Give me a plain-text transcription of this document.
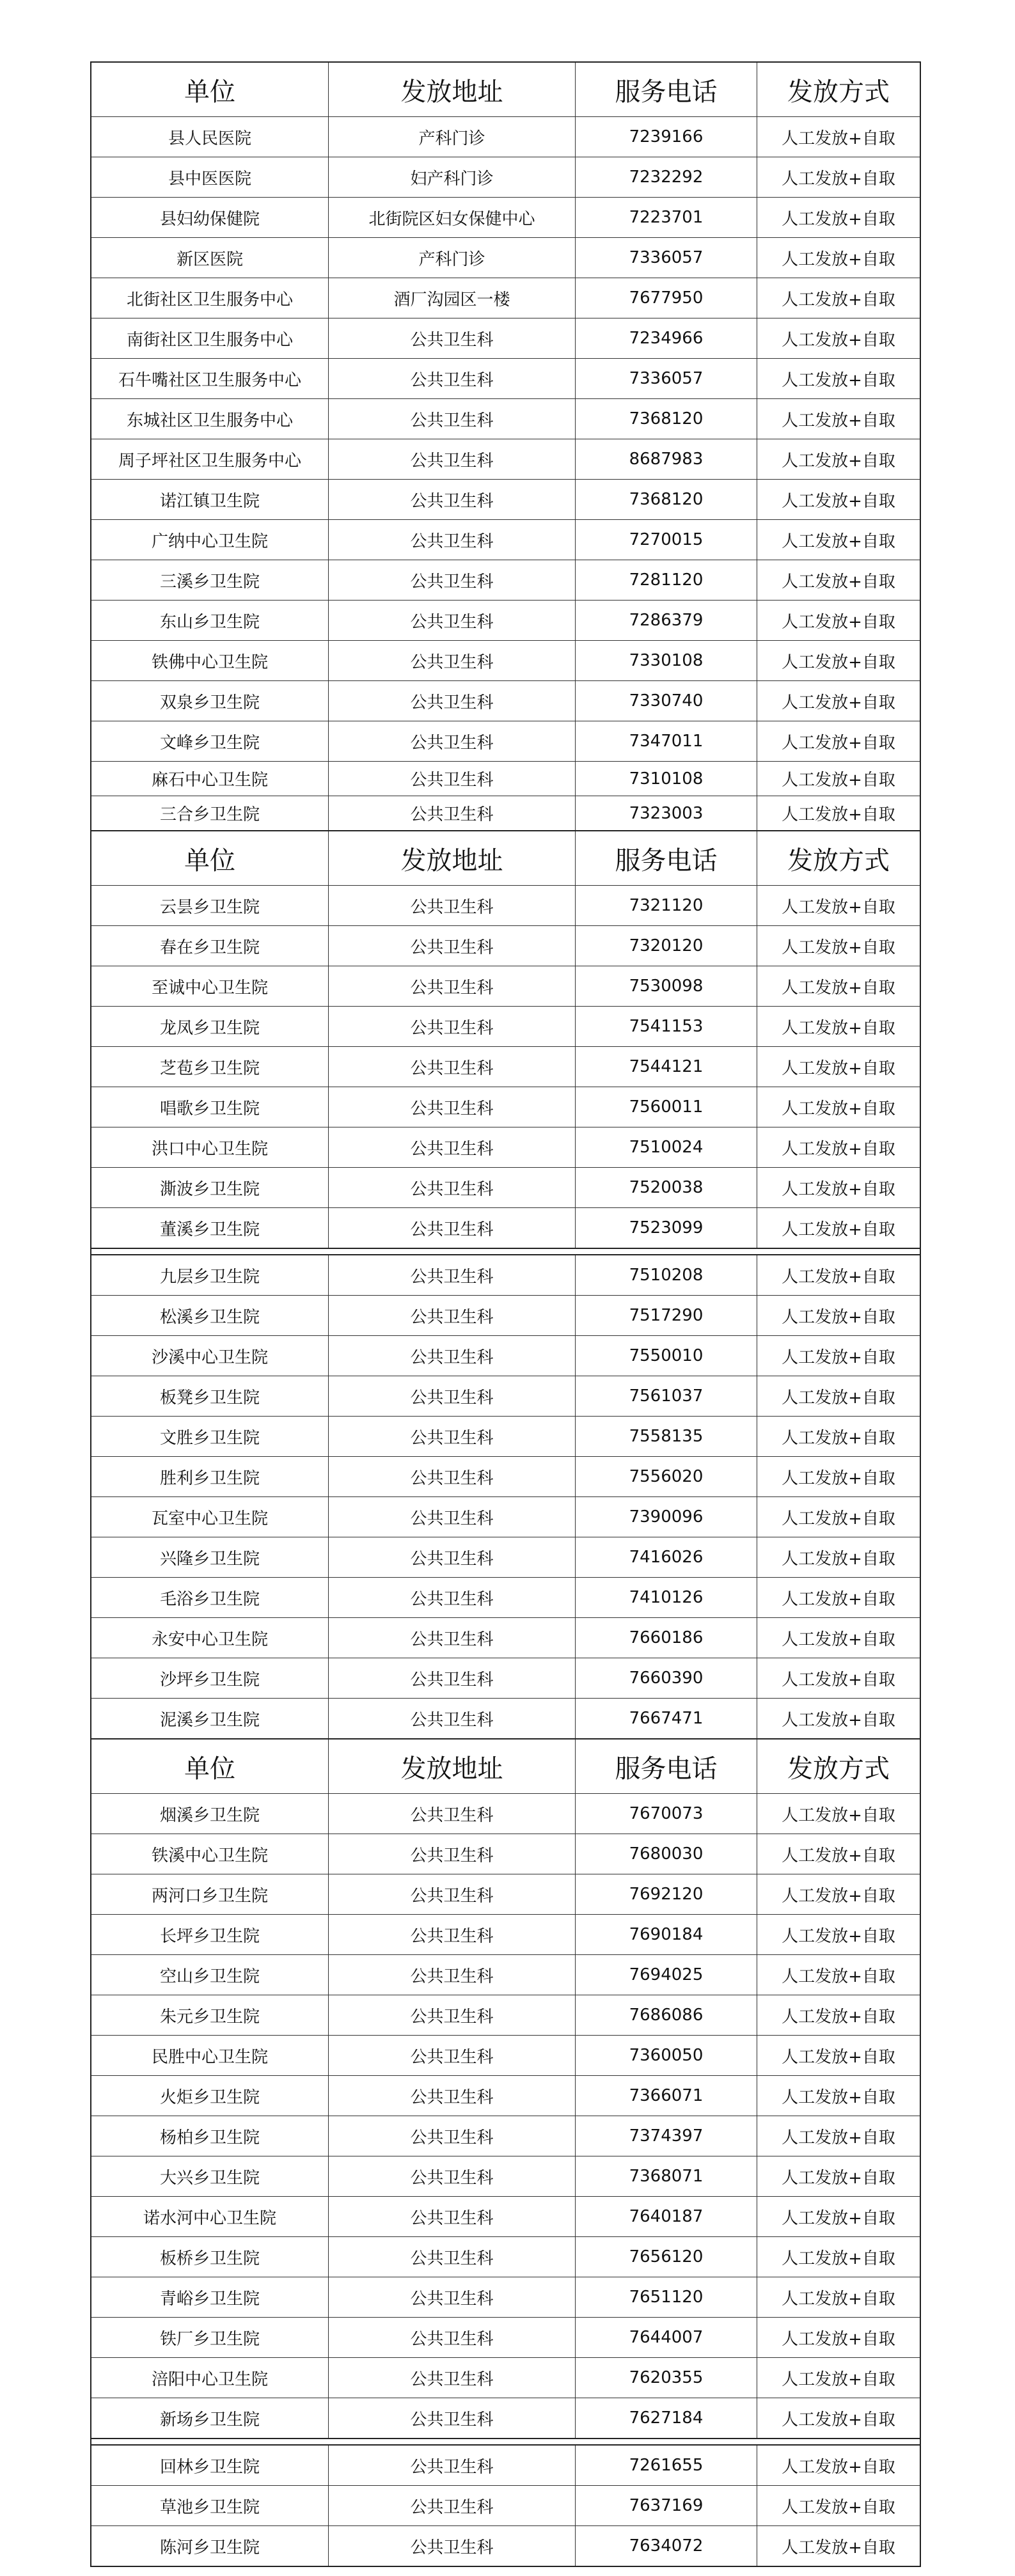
单位	发放地址	服务电话	发放方式
县人民医院	产科门诊	7239166	人工发放+自取
县中医医院	妇产科门诊	7232292	人工发放+自取
县妇幼保健院	北街院区妇女保健中心	7223701	人工发放+自取
新区医院	产科门诊	7336057	人工发放+自取
北街社区卫生服务中心	酒厂沟园区一楼	7677950	人工发放+自取
南街社区卫生服务中心	公共卫生科	7234966	人工发放+自取
石牛嘴社区卫生服务中心	公共卫生科	7336057	人工发放+自取
东城社区卫生服务中心	公共卫生科	7368120	人工发放+自取
周子坪社区卫生服务中心	公共卫生科	8687983	人工发放+自取
诺江镇卫生院	公共卫生科	7368120	人工发放+自取
广纳中心卫生院	公共卫生科	7270015	人工发放+自取
三溪乡卫生院	公共卫生科	7281120	人工发放+自取
东山乡卫生院	公共卫生科	7286379	人工发放+自取
铁佛中心卫生院	公共卫生科	7330108	人工发放+自取
双泉乡卫生院	公共卫生科	7330740	人工发放+自取
文峰乡卫生院	公共卫生科	7347011	人工发放+自取
麻石中心卫生院	公共卫生科	7310108	人工发放+自取
三合乡卫生院	公共卫生科	7323003	人工发放+自取
单位	发放地址	服务电话	发放方式
云昙乡卫生院	公共卫生科	7321120	人工发放+自取
春在乡卫生院	公共卫生科	7320120	人工发放+自取
至诚中心卫生院	公共卫生科	7530098	人工发放+自取
龙凤乡卫生院	公共卫生科	7541153	人工发放+自取
芝苞乡卫生院	公共卫生科	7544121	人工发放+自取
唱歌乡卫生院	公共卫生科	7560011	人工发放+自取
洪口中心卫生院	公共卫生科	7510024	人工发放+自取
澌波乡卫生院	公共卫生科	7520038	人工发放+自取
董溪乡卫生院	公共卫生科	7523099	人工发放+自取
九层乡卫生院	公共卫生科	7510208	人工发放+自取
松溪乡卫生院	公共卫生科	7517290	人工发放+自取
沙溪中心卫生院	公共卫生科	7550010	人工发放+自取
板凳乡卫生院	公共卫生科	7561037	人工发放+自取
文胜乡卫生院	公共卫生科	7558135	人工发放+自取
胜利乡卫生院	公共卫生科	7556020	人工发放+自取
瓦室中心卫生院	公共卫生科	7390096	人工发放+自取
兴隆乡卫生院	公共卫生科	7416026	人工发放+自取
毛浴乡卫生院	公共卫生科	7410126	人工发放+自取
永安中心卫生院	公共卫生科	7660186	人工发放+自取
沙坪乡卫生院	公共卫生科	7660390	人工发放+自取
泥溪乡卫生院	公共卫生科	7667471	人工发放+自取
单位	发放地址	服务电话	发放方式
烟溪乡卫生院	公共卫生科	7670073	人工发放+自取
铁溪中心卫生院	公共卫生科	7680030	人工发放+自取
两河口乡卫生院	公共卫生科	7692120	人工发放+自取
长坪乡卫生院	公共卫生科	7690184	人工发放+自取
空山乡卫生院	公共卫生科	7694025	人工发放+自取
朱元乡卫生院	公共卫生科	7686086	人工发放+自取
民胜中心卫生院	公共卫生科	7360050	人工发放+自取
火炬乡卫生院	公共卫生科	7366071	人工发放+自取
杨柏乡卫生院	公共卫生科	7374397	人工发放+自取
大兴乡卫生院	公共卫生科	7368071	人工发放+自取
诺水河中心卫生院	公共卫生科	7640187	人工发放+自取
板桥乡卫生院	公共卫生科	7656120	人工发放+自取
青峪乡卫生院	公共卫生科	7651120	人工发放+自取
铁厂乡卫生院	公共卫生科	7644007	人工发放+自取
涪阳中心卫生院	公共卫生科	7620355	人工发放+自取
新场乡卫生院	公共卫生科	7627184	人工发放+自取
回林乡卫生院	公共卫生科	7261655	人工发放+自取
草池乡卫生院	公共卫生科	7637169	人工发放+自取
陈河乡卫生院	公共卫生科	7634072	人工发放+自取
